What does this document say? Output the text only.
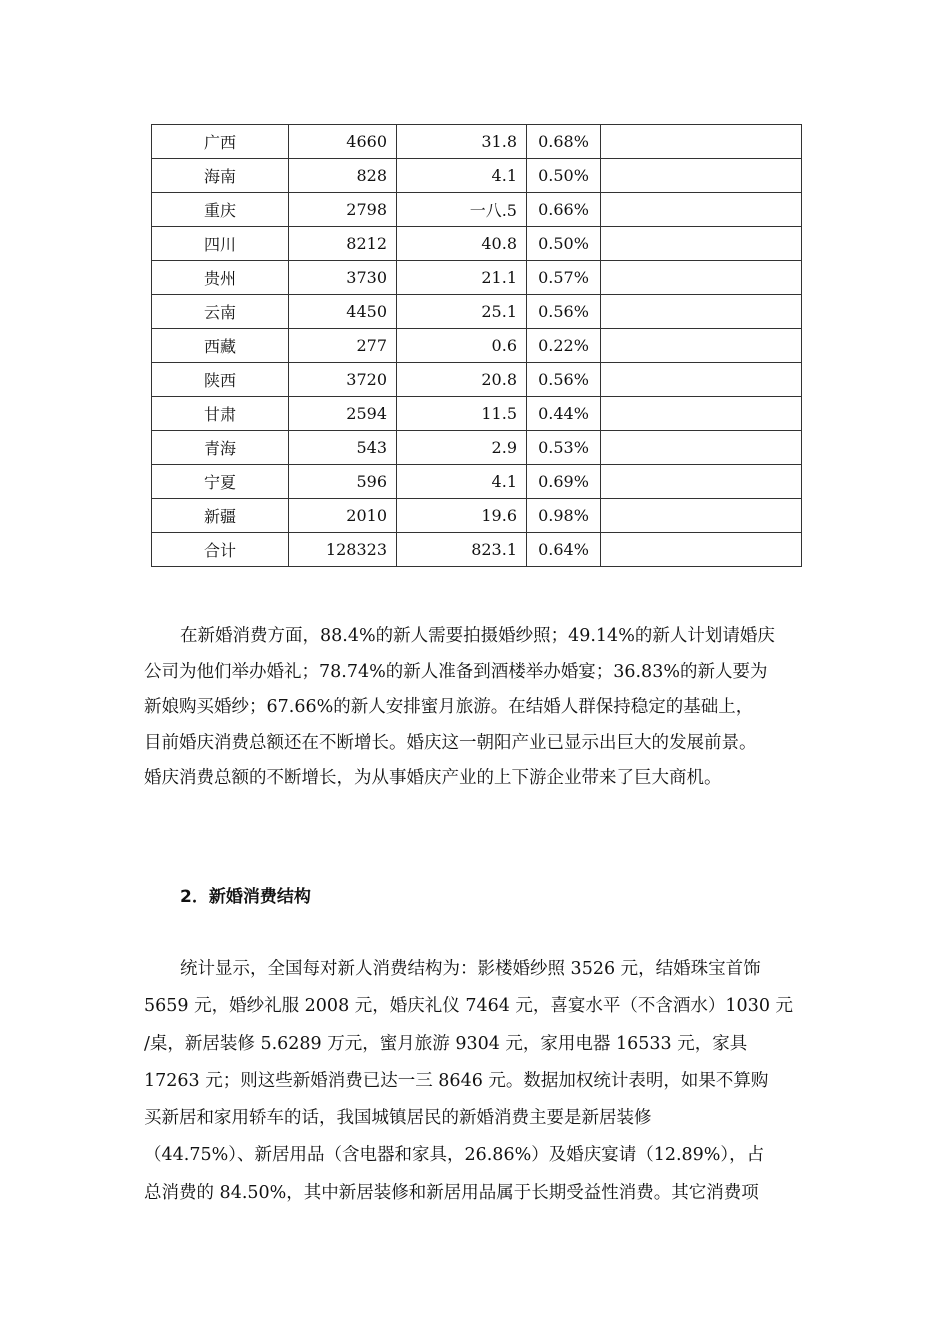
广西	4660	31.8	0.68%	
海南	828	4.1	0.50%	
重庆	2798	一八.5	0.66%	
四川	8212	40.8	0.50%	
贵州	3730	21.1	0.57%	
云南	4450	25.1	0.56%	
西藏	277	0.6	0.22%	
陕西	3720	20.8	0.56%	
甘肃	2594	11.5	0.44%	
青海	543	2.9	0.53%	
宁夏	596	4.1	0.69%	
新疆	2010	19.6	0.98%	
合计	128323	823.1	0.64%	
在新婚消费方面，88.4%的新人需要拍摄婚纱照；49.14%的新人计划请婚庆
公司为他们举办婚礼；78.74%的新人准备到酒楼举办婚宴；36.83%的新人要为
新娘购买婚纱；67.66%的新人安排蜜月旅游。在结婚人群保持稳定的基础上，
目前婚庆消费总额还在不断增长。婚庆这一朝阳产业已显示出巨大的发展前景。
婚庆消费总额的不断增长，为从事婚庆产业的上下游企业带来了巨大商机。
2．新婚消费结构
统计显示，全国每对新人消费结构为：影楼婚纱照 3526 元，结婚珠宝首饰
5659 元，婚纱礼服 2008 元，婚庆礼仪 7464 元，喜宴水平（不含酒水）1030 元
/桌，新居装修 5.6289 万元，蜜月旅游 9304 元，家用电器 16533 元，家具
17263 元；则这些新婚消费已达一三 8646 元。数据加权统计表明，如果不算购
买新居和家用轿车的话，我国城镇居民的新婚消费主要是新居装修
（44.75%）、新居用品（含电器和家具，26.86%）及婚庆宴请（12.89%），占
总消费的 84.50%，其中新居装修和新居用品属于长期受益性消费。其它消费项
